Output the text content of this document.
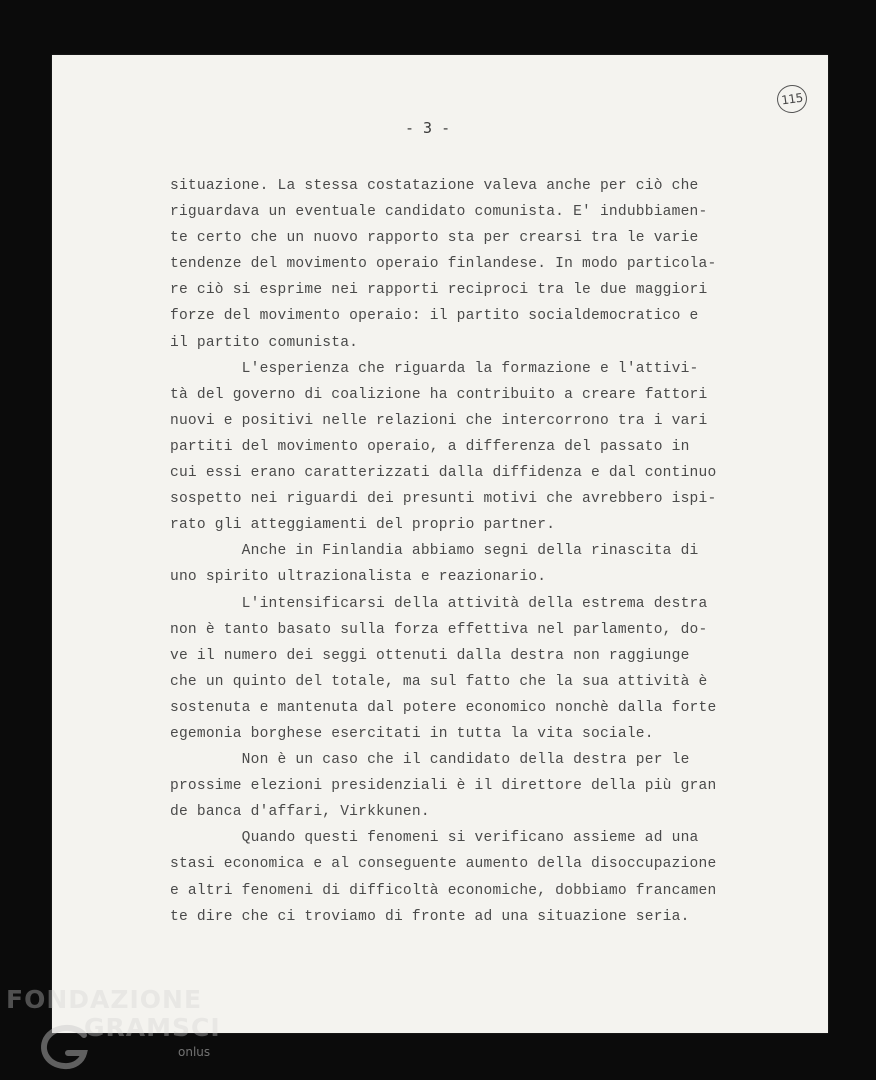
115
- 3 -
situazione. La stessa costatazione valeva anche per ciò che
riguardava un eventuale candidato comunista. E' indubbiamen-
te certo che un nuovo rapporto sta per crearsi tra le varie
tendenze del movimento operaio finlandese. In modo particola-
re ciò si esprime nei rapporti reciproci tra le due maggiori
forze del movimento operaio: il partito socialdemocratico e
il partito comunista.
L'esperienza che riguarda la formazione e l'attivi-
tà del governo di coalizione ha contribuito a creare fattori
nuovi e positivi nelle relazioni che intercorrono tra i vari
partiti del movimento operaio, a differenza del passato in
cui essi erano caratterizzati dalla diffidenza e dal continuo
sospetto nei riguardi dei presunti motivi che avrebbero ispi-
rato gli atteggiamenti del proprio partner.
Anche in Finlandia abbiamo segni della rinascita di
uno spirito ultrazionalista e reazionario.
L'intensificarsi della attività della estrema destra
non è tanto basato sulla forza effettiva nel parlamento, do-
ve il numero dei seggi ottenuti dalla destra non raggiunge
che un quinto del totale, ma sul fatto che la sua attività è
sostenuta e mantenuta dal potere economico nonchè dalla forte
egemonia borghese esercitati in tutta la vita sociale.
Non è un caso che il candidato della destra per le
prossime elezioni presidenziali è il direttore della più gran
de banca d'affari, Virkkunen.
Quando questi fenomeni si verificano assieme ad una
stasi economica e al conseguente aumento della disoccupazione
e altri fenomeni di difficoltà economiche, dobbiamo francamen
te dire che ci troviamo di fronte ad una situazione seria.
FONDAZIONE
GRAMSCI
onlus
